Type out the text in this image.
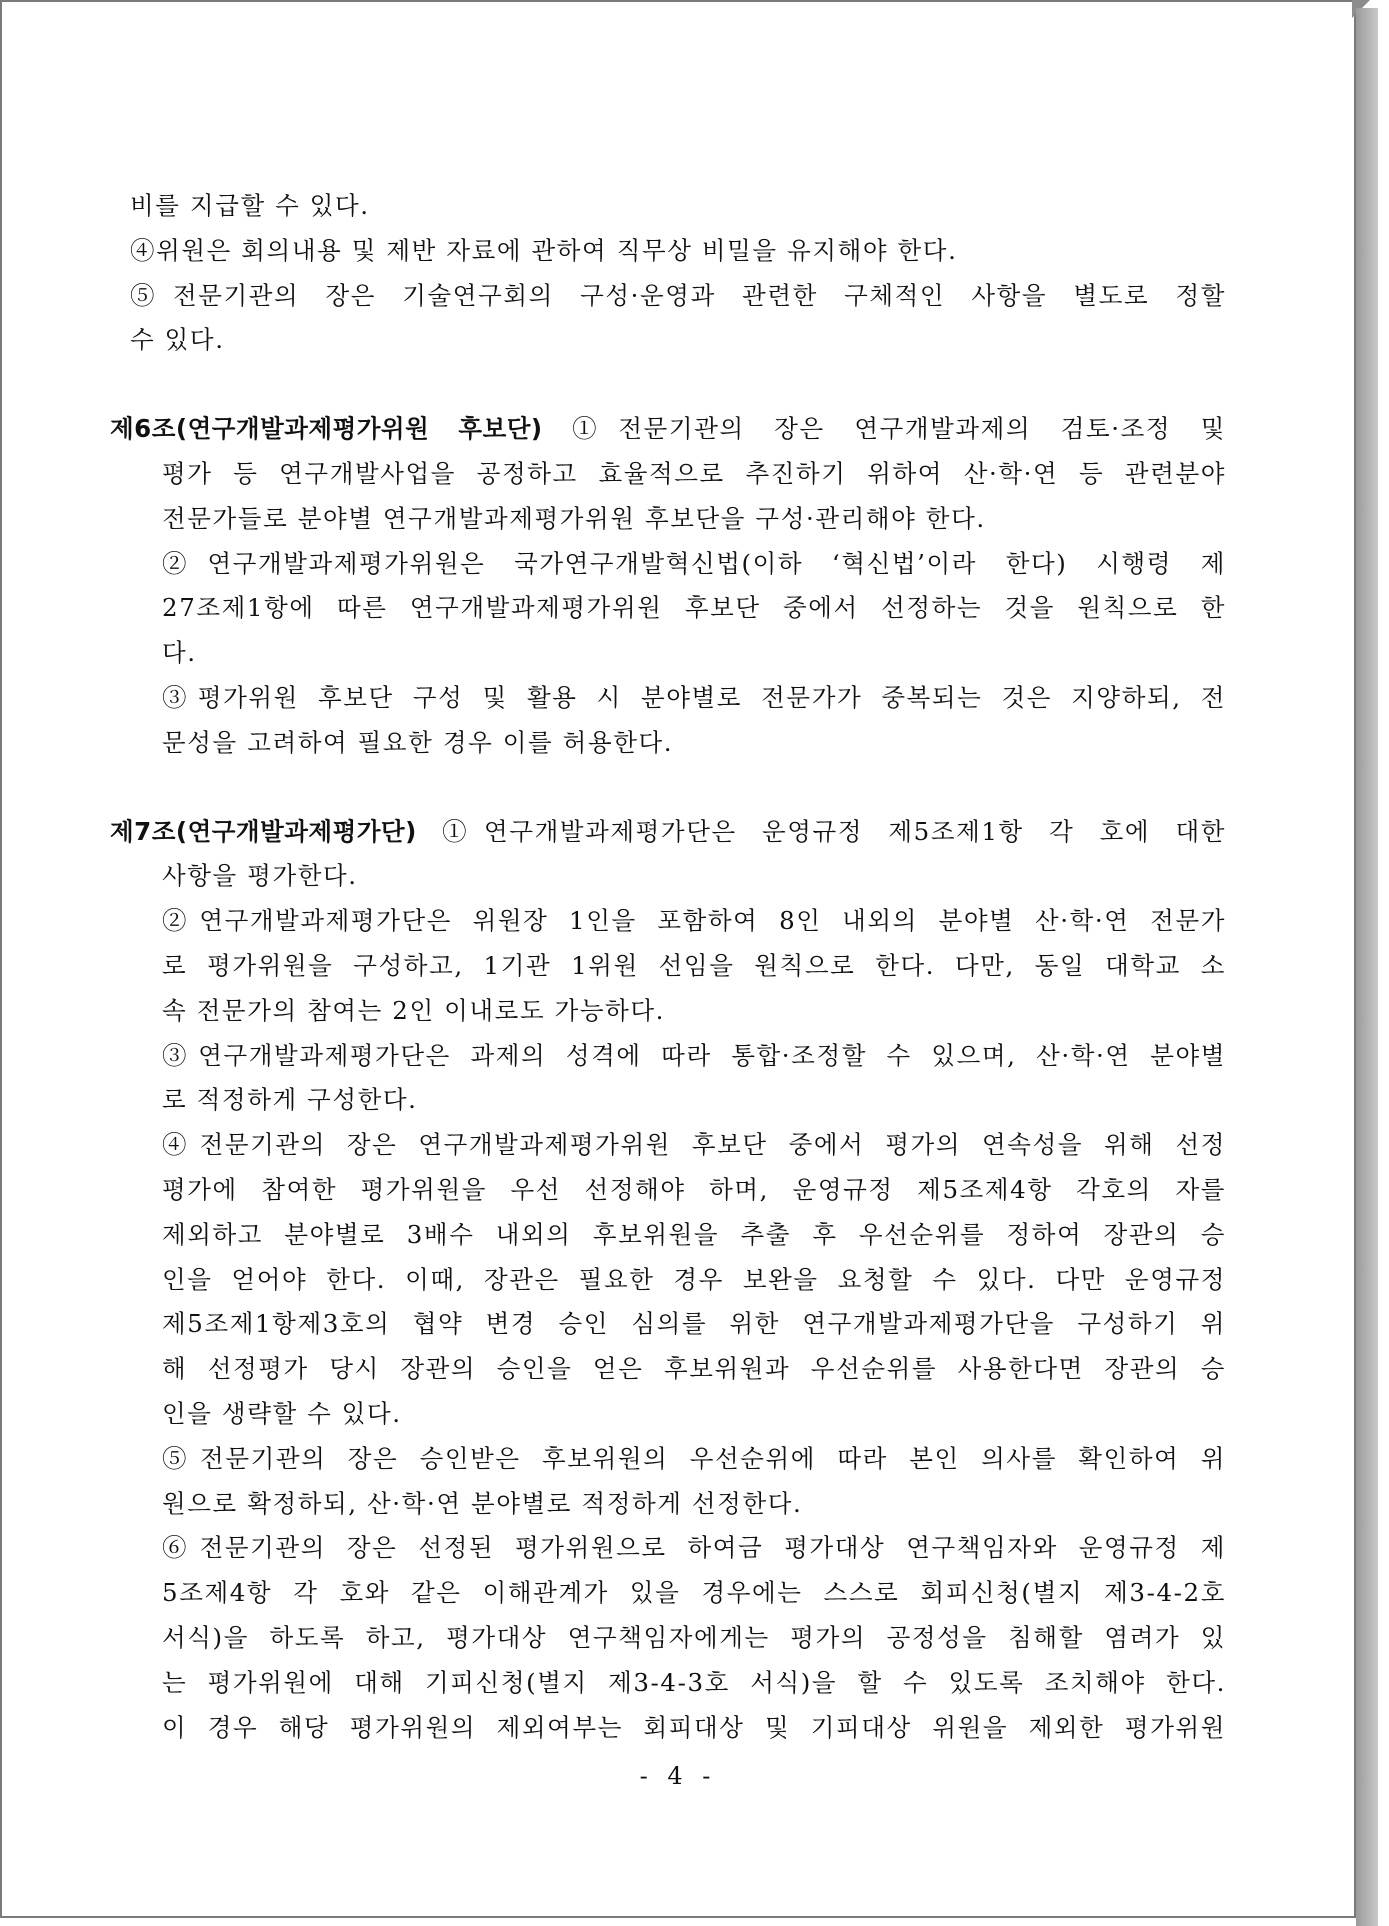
비를 지급할 수 있다.
④위원은 회의내용 및 제반 자료에 관하여 직무상 비밀을 유지해야 한다.
⑤전문기관의 장은 기술연구회의 구성·운영과 관련한 구체적인 사항을 별도로 정할
수 있다.
제6조(연구개발과제평가위원 후보단) ①전문기관의 장은 연구개발과제의 검토·조정 및
평가 등 연구개발사업을 공정하고 효율적으로 추진하기 위하여 산·학·연 등 관련분야
전문가들로 분야별 연구개발과제평가위원 후보단을 구성·관리해야 한다.
②연구개발과제평가위원은 국가연구개발혁신법(이하 ‘혁신법’이라 한다) 시행령 제
27조제1항에 따른 연구개발과제평가위원 후보단 중에서 선정하는 것을 원칙으로 한
다.
③평가위원 후보단 구성 및 활용 시 분야별로 전문가가 중복되는 것은 지양하되, 전
문성을 고려하여 필요한 경우 이를 허용한다.
제7조(연구개발과제평가단) ①연구개발과제평가단은 운영규정 제5조제1항 각 호에 대한
사항을 평가한다.
②연구개발과제평가단은 위원장 1인을 포함하여 8인 내외의 분야별 산·학·연 전문가
로 평가위원을 구성하고, 1기관 1위원 선임을 원칙으로 한다. 다만, 동일 대학교 소
속 전문가의 참여는 2인 이내로도 가능하다.
③연구개발과제평가단은 과제의 성격에 따라 통합·조정할 수 있으며, 산·학·연 분야별
로 적정하게 구성한다.
④전문기관의 장은 연구개발과제평가위원 후보단 중에서 평가의 연속성을 위해 선정
평가에 참여한 평가위원을 우선 선정해야 하며, 운영규정 제5조제4항 각호의 자를
제외하고 분야별로 3배수 내외의 후보위원을 추출 후 우선순위를 정하여 장관의 승
인을 얻어야 한다. 이때, 장관은 필요한 경우 보완을 요청할 수 있다. 다만 운영규정
제5조제1항제3호의 협약 변경 승인 심의를 위한 연구개발과제평가단을 구성하기 위
해 선정평가 당시 장관의 승인을 얻은 후보위원과 우선순위를 사용한다면 장관의 승
인을 생략할 수 있다.
⑤전문기관의 장은 승인받은 후보위원의 우선순위에 따라 본인 의사를 확인하여 위
원으로 확정하되, 산·학·연 분야별로 적정하게 선정한다.
⑥전문기관의 장은 선정된 평가위원으로 하여금 평가대상 연구책임자와 운영규정 제
5조제4항 각 호와 같은 이해관계가 있을 경우에는 스스로 회피신청(별지 제3-4-2호
서식)을 하도록 하고, 평가대상 연구책임자에게는 평가의 공정성을 침해할 염려가 있
는 평가위원에 대해 기피신청(별지 제3-4-3호 서식)을 할 수 있도록 조치해야 한다.
이 경우 해당 평가위원의 제외여부는 회피대상 및 기피대상 위원을 제외한 평가위원
- 4 -
